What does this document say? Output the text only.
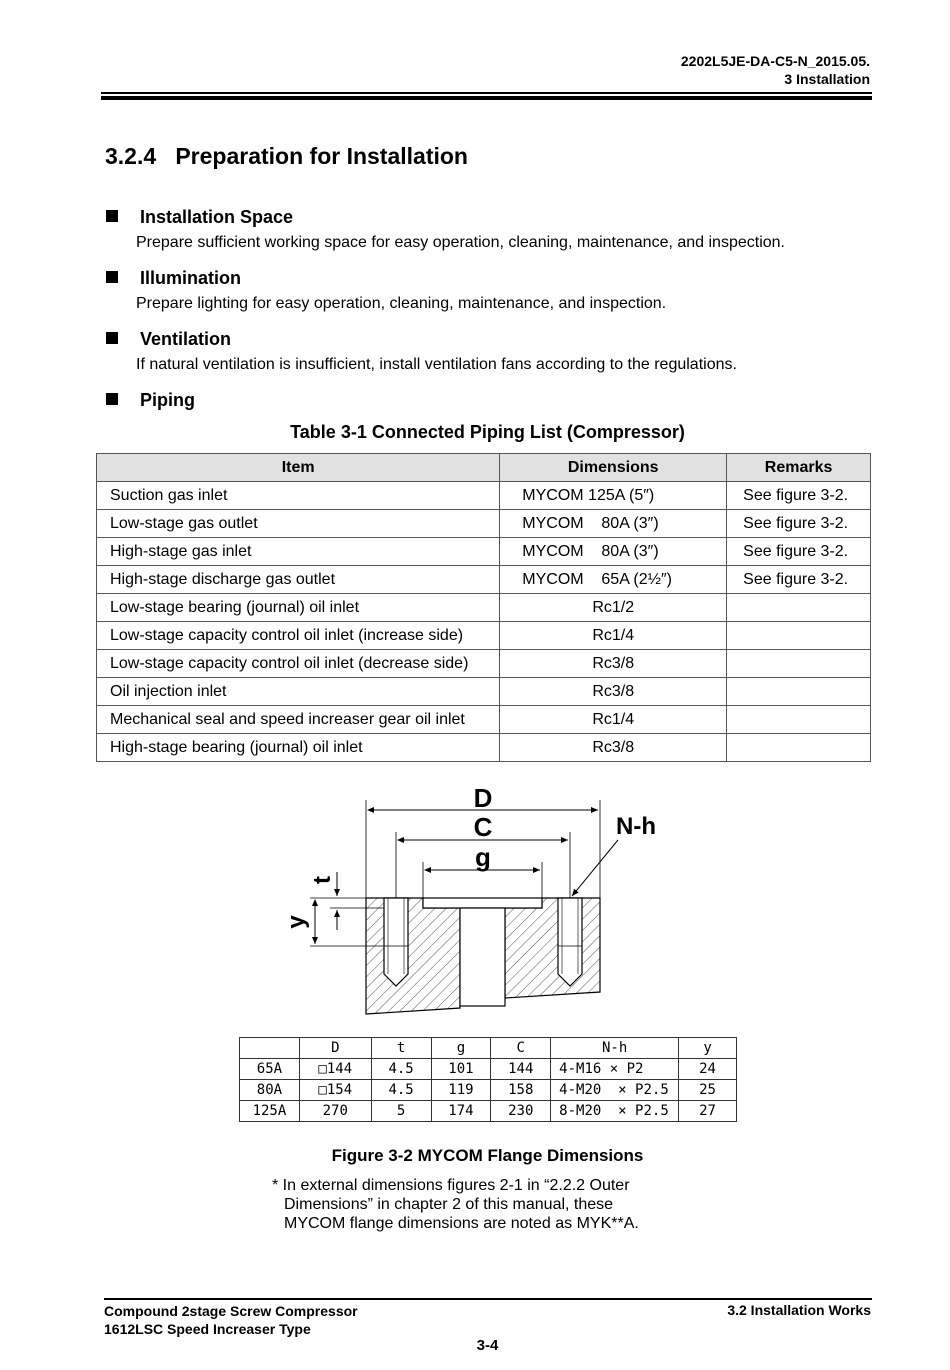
2202L5JE-DA-C5-N_2015.05.
3 Installation
3.2.4   Preparation for Installation
Installation Space
Prepare sufficient working space for easy operation, cleaning, maintenance, and inspection.
Illumination
Prepare lighting for easy operation, cleaning, maintenance, and inspection.
Ventilation
If natural ventilation is insufficient, install ventilation fans according to the regulations.
Piping
Table 3-1 Connected Piping List (Compressor)
Item	Dimensions	Remarks
Suction gas inlet	MYCOM 125A (5″)	See figure 3-2.
Low-stage gas outlet	MYCOM    80A (3″)	See figure 3-2.
High-stage gas inlet	MYCOM    80A (3″)	See figure 3-2.
High-stage discharge gas outlet	MYCOM    65A (2½″)	See figure 3-2.
Low-stage bearing (journal) oil inlet	Rc1/2	
Low-stage capacity control oil inlet (increase side)	Rc1/4	
Low-stage capacity control oil inlet (decrease side)	Rc3/8	
Oil injection inlet	Rc3/8	
Mechanical seal and speed increaser gear oil inlet	Rc1/4	
High-stage bearing (journal) oil inlet	Rc3/8	
D
C
g
N-h
t
y
	D	t	g	C	N-h	y
65A	□144	4.5	101	144	4-M16 × P2	24
80A	□154	4.5	119	158	4-M20  × P2.5	25
125A	270	5	174	230	8-M20  × P2.5	27
Figure 3-2 MYCOM Flange Dimensions
* In external dimensions figures 2-1 in “2.2.2 Outer
Dimensions” in chapter 2 of this manual, these
MYCOM flange dimensions are noted as MYK**A.
Compound 2stage Screw Compressor
1612LSC Speed Increaser Type
3.2 Installation Works
3-4
